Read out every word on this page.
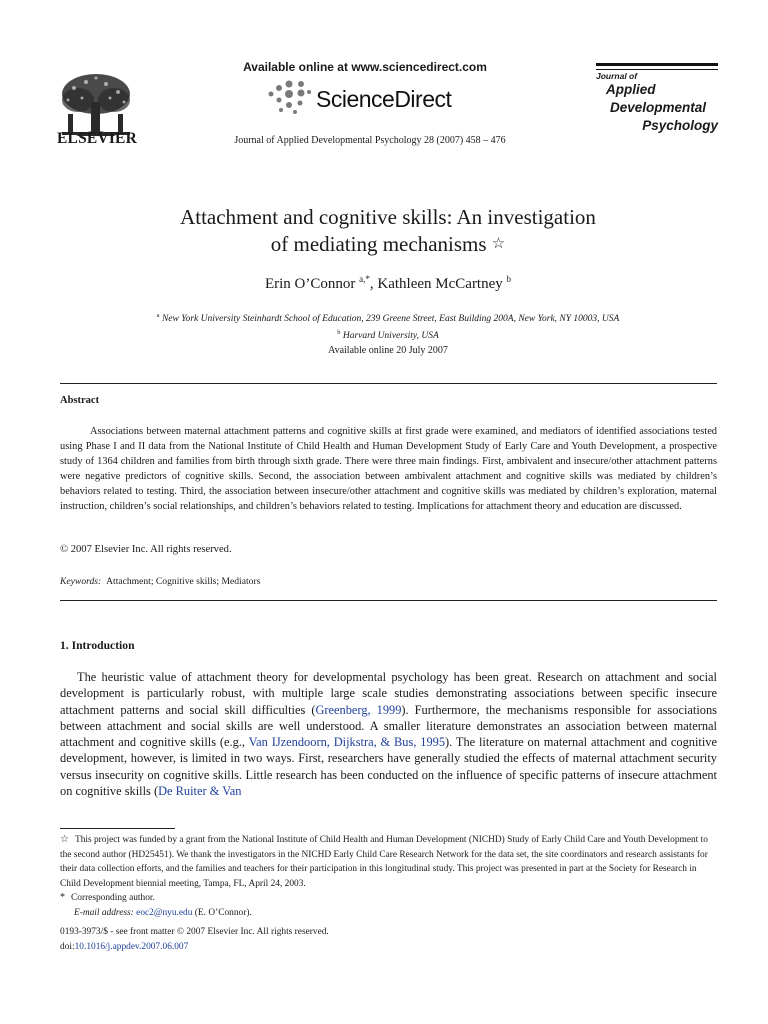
ELSEVIER
Available online at www.sciencedirect.com
ScienceDirect
Journal of Applied Developmental Psychology 28 (2007) 458 – 476
Journal of
Applied
Developmental
Psychology
Attachment and cognitive skills: An investigation
of mediating mechanisms ☆
Erin O’Connor $^{a,*}$, Kathleen McCartney $^b$
$^a$ New York University Steinhardt School of Education, 239 Greene Street, East Building 200A, New York, NY 10003, USA
$^b$ Harvard University, USA
Available online 20 July 2007
Abstract
Associations between maternal attachment patterns and cognitive skills at first grade were examined, and mediators of identified associations tested using Phase I and II data from the National Institute of Child Health and Human Development Study of Early Care and Youth Development, a prospective study of 1364 children and families from birth through sixth grade. There were three main findings. First, ambivalent and insecure/other attachment patterns were negative predictors of cognitive skills. Second, the association between ambivalent attachment and cognitive skills was mediated by children’s behaviors related to testing. Third, the association between insecure/other attachment and cognitive skills was mediated by children’s exploration, maternal instruction, children’s social relationships, and children’s behaviors related to testing. Implications for attachment theory and education are discussed.
© 2007 Elsevier Inc. All rights reserved.
Keywords: Attachment; Cognitive skills; Mediators
1. Introduction
The heuristic value of attachment theory for developmental psychology has been great. Research on attachment and social development is particularly robust, with multiple large scale studies demonstrating associations between specific insecure attachment patterns and social skill difficulties (Greenberg, 1999). Furthermore, the mechanisms responsible for associations between attachment and social skills are well understood. A smaller literature demonstrates an association between maternal attachment and cognitive skills (e.g., Van IJzendoorn, Dijkstra, & Bus, 1995). The literature on maternal attachment and cognitive development, however, is limited in two ways. First, researchers have generally studied the effects of maternal attachment security versus insecurity on cognitive skills. Little research has been conducted on the influence of specific patterns of insecure attachment on cognitive skills (De Ruiter & Van
☆ This project was funded by a grant from the National Institute of Child Health and Human Development (NICHD) Study of Early Child Care and Youth Development to the second author (HD25451). We thank the investigators in the NICHD Early Child Care Research Network for the data set, the site coordinators and research assistants for their data collection efforts, and the families and teachers for their participation in this longitudinal study. This project was presented in part at the Society for Research in Child Development biennial meeting, Tampa, FL, April 24, 2003.
* Corresponding author.
E-mail address: eoc2@nyu.edu (E. O’Connor).
0193-3973/$ - see front matter © 2007 Elsevier Inc. All rights reserved.
doi:10.1016/j.appdev.2007.06.007
